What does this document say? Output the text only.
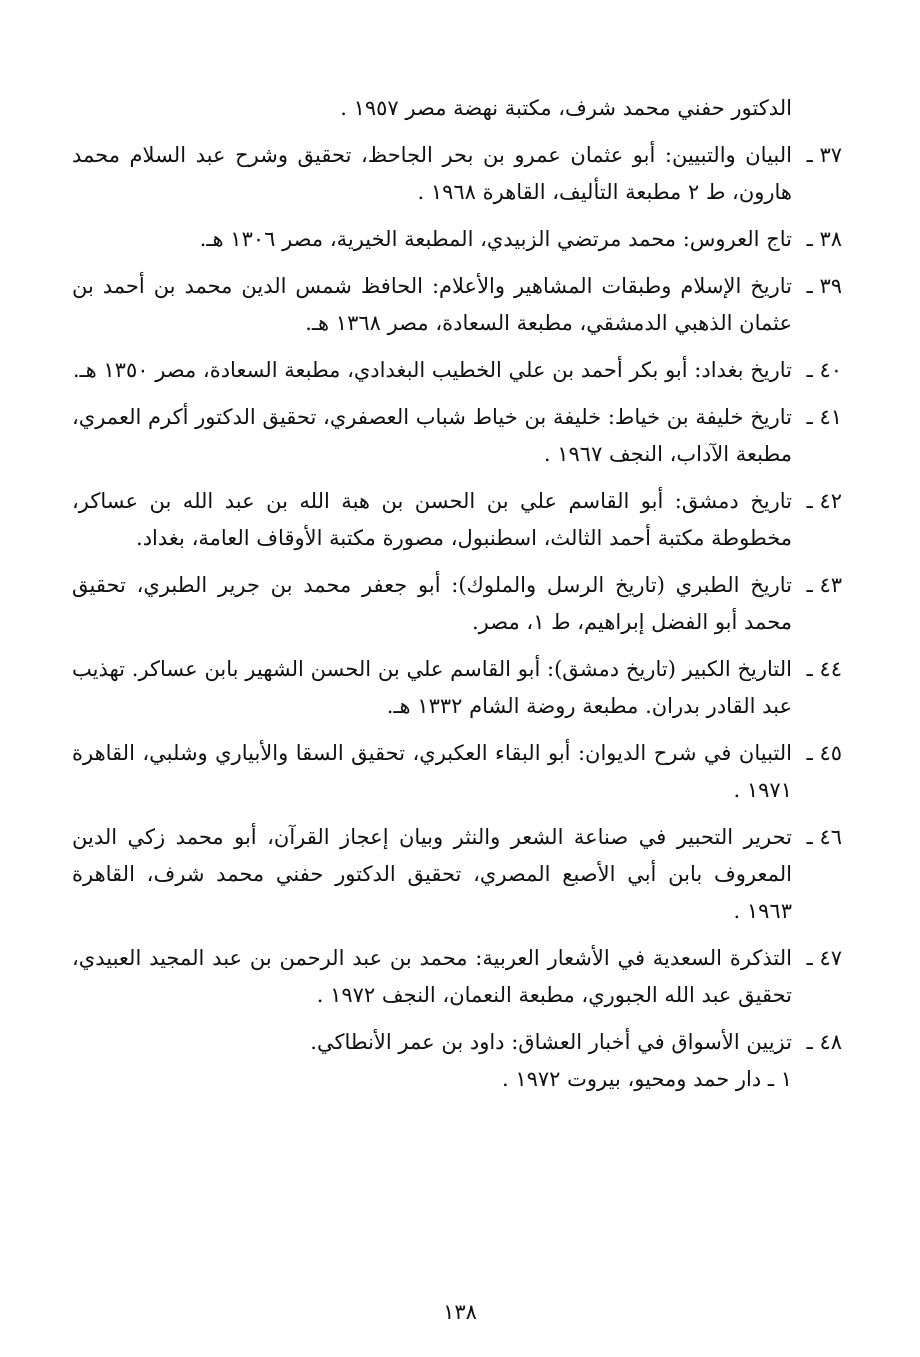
الدكتور حفني محمد شرف، مكتبة نهضة مصر ١٩٥٧ .
٣٧ ـ
البيان والتبيين: أبو عثمان عمرو بن بحر الجاحظ، تحقيق وشرح عبد السلام محمد هارون، ط ٢ مطبعة التأليف، القاهرة ١٩٦٨ .
٣٨ ـ
تاج العروس: محمد مرتضي الزبيدي، المطبعة الخيرية، مصر ١٣٠٦ هـ.
٣٩ ـ
تاريخ الإسلام وطبقات المشاهير والأعلام: الحافظ شمس الدين محمد بن أحمد بن عثمان الذهبي الدمشقي، مطبعة السعادة، مصر ١٣٦٨ هـ.
٤٠ ـ
تاريخ بغداد: أبو بكر أحمد بن علي الخطيب البغدادي، مطبعة السعادة، مصر ١٣٥٠ هـ.
٤١ ـ
تاريخ خليفة بن خياط: خليفة بن خياط شباب العصفري، تحقيق الدكتور أكرم العمري، مطبعة الآداب، النجف ١٩٦٧ .
٤٢ ـ
تاريخ دمشق: أبو القاسم علي بن الحسن بن هبة الله بن عبد الله بن عساكر، مخطوطة مكتبة أحمد الثالث، اسطنبول، مصورة مكتبة الأوقاف العامة، بغداد.
٤٣ ـ
تاريخ الطبري (تاريخ الرسل والملوك): أبو جعفر محمد بن جرير الطبري، تحقيق محمد أبو الفضل إبراهيم، ط ١، مصر.
٤٤ ـ
التاريخ الكبير (تاريخ دمشق): أبو القاسم علي بن الحسن الشهير بابن عساكر. تهذيب عبد القادر بدران. مطبعة روضة الشام ١٣٣٢ هـ.
٤٥ ـ
التبيان في شرح الديوان: أبو البقاء العكبري، تحقيق السقا والأبياري وشلبي، القاهرة ١٩٧١ .
٤٦ ـ
تحرير التحبير في صناعة الشعر والنثر وبيان إعجاز القرآن، أبو محمد زكي الدين المعروف بابن أبي الأصبع المصري، تحقيق الدكتور حفني محمد شرف، القاهرة ١٩٦٣ .
٤٧ ـ
التذكرة السعدية في الأشعار العربية: محمد بن عبد الرحمن بن عبد المجيد العبيدي، تحقيق عبد الله الجبوري، مطبعة النعمان، النجف ١٩٧٢ .
٤٨ ـ
تزيين الأسواق في أخبار العشاق: داود بن عمر الأنطاكي.
١ ـ دار حمد ومحيو، بيروت ١٩٧٢ .
١٣٨
